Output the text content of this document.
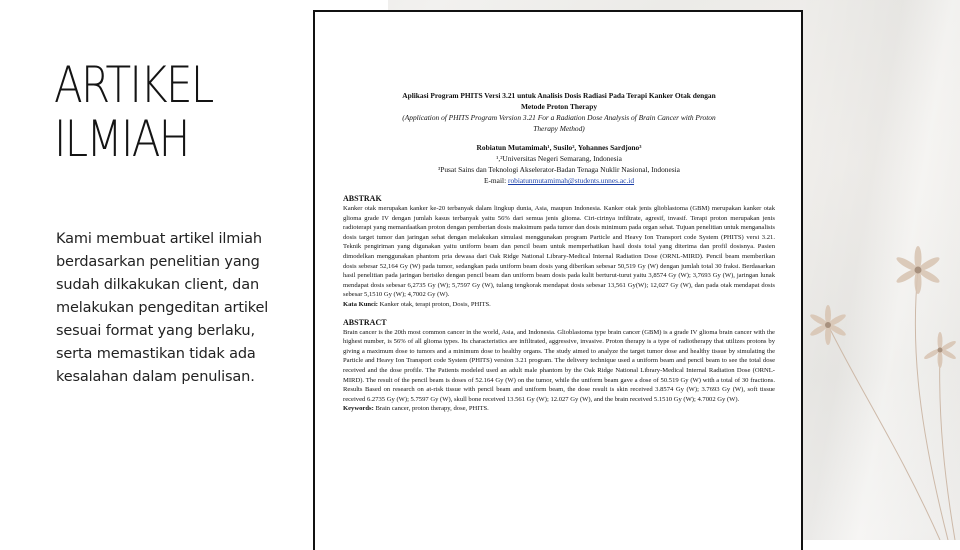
ARTIKEL
ILMIAH

Kami membuat artikel ilmiah berdasarkan penelitian yang sudah dilkakukan client, dan melakukan pengeditan artikel sesuai format yang berlaku, serta memastikan tidak ada kesalahan dalam penulisan.

Aplikasi Program PHITS Versi 3.21 untuk Analisis Dosis Radiasi Pada Terapi Kanker Otak dengan
Metode Proton Therapy
(Application of PHITS Program Version 3.21 For a Radiation Dose Analysis of Brain Cancer with Proton
Therapy Method)
Robiatun Mutamimah¹, Susilo², Yohannes Sardjono³
¹,²Universitas Negeri Semarang, Indonesia
³Pusat Sains dan Teknologi Akselerator-Badan Tenaga Nuklir Nasional, Indonesia
E-mail: robiatunmutamimah@students.unnes.ac.id
ABSTRAK
Kanker otak merupakan kanker ke-20 terbanyak dalam lingkup dunia, Asia, maupun Indonesia. Kanker otak jenis glioblastoma (GBM) merupakan kanker otak glioma grade IV dengan jumlah kasus terbanyak yaitu 56% dari semua jenis glioma. Ciri-cirinya infiltrate, agresif, invasif. Terapi proton merupakan jenis radioterapi yang memanfaatkan proton dengan pemberian dosis maksimum pada tumor dan dosis minimum pada organ sehat. Tujuan penelitian untuk menganalisis dosis target tumor dan jaringan sehat dengan melakukan simulasi menggunakan program Particle and Heavy Ion Transport code System (PHITS) versi 3.21. Teknik pengiriman yang digunakan yaitu uniform beam dan pencil beam untuk memperhatikan hasil dosis total yang diterima dan profil dosisnya. Pasien dimodelkan menggunakan phantom pria dewasa dari Oak Ridge National Library-Medical Internal Radiation Dose (ORNL-MIRD). Pencil beam memberikan dosis sebesar 52,164 Gy (W) pada tumor, sedangkan pada uniform beam dosis yang diberikan sebesar 50,519 Gy (W) dengan jumlah total 30 fraksi. Berdasarkan hasil penelitian pada jaringan berisiko dengan pencil beam dan uniform beam dosis pada kulit berturut-turut yaitu 3,8574 Gy (W); 3,7693 Gy (W), jaringan lunak mendapat dosis sebesar 6,2735 Gy (W); 5,7597 Gy (W), tulang tengkorak mendapat dosis sebesar 13,561 Gy(W); 12,027 Gy (W), dan pada otak mendapat dosis sebesar 5,1510 Gy (W); 4,7002 Gy (W).
Kata Kunci: Kanker otak, terapi proton, Dosis, PHITS.
ABSTRACT
Brain cancer is the 20th most common cancer in the world, Asia, and Indonesia. Glioblastoma type brain cancer (GBM) is a grade IV glioma brain cancer with the highest number, is 56% of all glioma types. Its characteristics are infiltrated, aggressive, invasive. Proton therapy is a type of radiotherapy that utilizes protons by giving a maximum dose to tumors and a minimum dose to healthy organs. The study aimed to analyze the target tumor dose and healthy tissue by simulating the Particle and Heavy Ion Transport code System (PHITS) version 3.21 program. The delivery technique used a uniform beam and pencil beam to see the total dose received and the dose profile. The Patients modeled used an adult male phantom by the Oak Ridge National Library-Medical Internal Radiation Dose (ORNL-MIRD). The result of the pencil beam is doses of 52.164 Gy (W) on the tumor, while the uniform beam gave a dose of 50.519 Gy (W) with a total of 30 fractions. Results Based on research on at-risk tissue with pencil beam and uniform beam, the dose result is skin received 3.8574 Gy (W); 3.7693 Gy (W), soft tissue received 6.2735 Gy (W); 5.7597 Gy (W), skull bone received 13.561 Gy (W); 12.027 Gy (W), and the brain received 5.1510 Gy (W); 4.7002 Gy (W).
Keywords: Brain cancer, proton therapy, dose, PHITS.
